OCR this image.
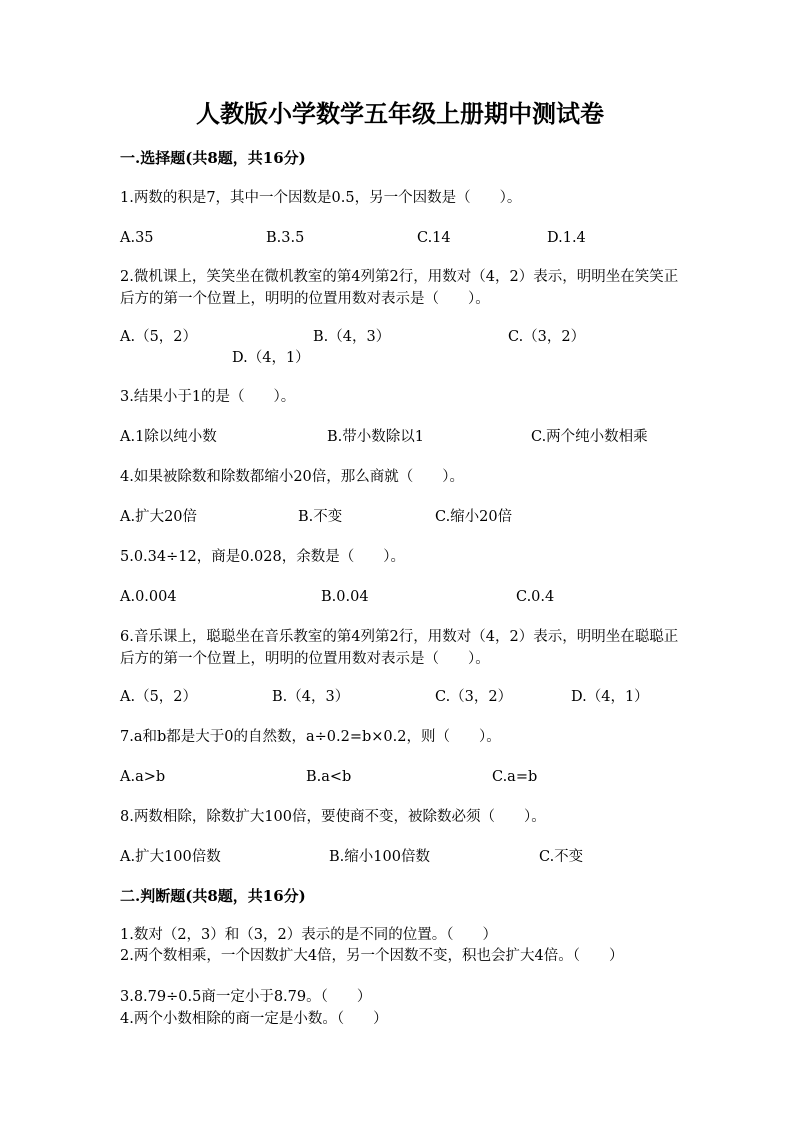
人教版小学数学五年级上册期中测试卷
一.选择题(共8题，共16分)
1.两数的积是7，其中一个因数是0.5，另一个因数是（　　）。
A.35	B.3.5	C.14	D.1.4
2.微机课上，笑笑坐在微机教室的第4列第2行，用数对（4，2）表示，明明坐在笑笑正后方的第一个位置上，明明的位置用数对表示是（　　）。
A.（5，2）	B.（4，3）	C.（3，2）
D.（4，1）
3.结果小于1的是（　　）。
A.1除以纯小数	B.带小数除以1	C.两个纯小数相乘
4.如果被除数和除数都缩小20倍，那么商就（　　）。
A.扩大20倍	B.不变	C.缩小20倍
5.0.34÷12，商是0.028，余数是（　　）。
A.0.004	B.0.04	C.0.4
6.音乐课上，聪聪坐在音乐教室的第4列第2行，用数对（4，2）表示，明明坐在聪聪正后方的第一个位置上，明明的位置用数对表示是（　　）。
A.（5，2）	B.（4，3）	C.（3，2）	D.（4，1）
7.a和b都是大于0的自然数，a÷0.2=b×0.2，则（　　）。
A.a>b	B.a<b	C.a=b
8.两数相除，除数扩大100倍，要使商不变，被除数必须（　　）。
A.扩大100倍数	B.缩小100倍数	C.不变
二.判断题(共8题，共16分)
1.数对（2，3）和（3，2）表示的是不同的位置。（　　）
2.两个数相乘，一个因数扩大4倍，另一个因数不变，积也会扩大4倍。（　　）
3.8.79÷0.5商一定小于8.79。（　　）
4.两个小数相除的商一定是小数。（　　）
